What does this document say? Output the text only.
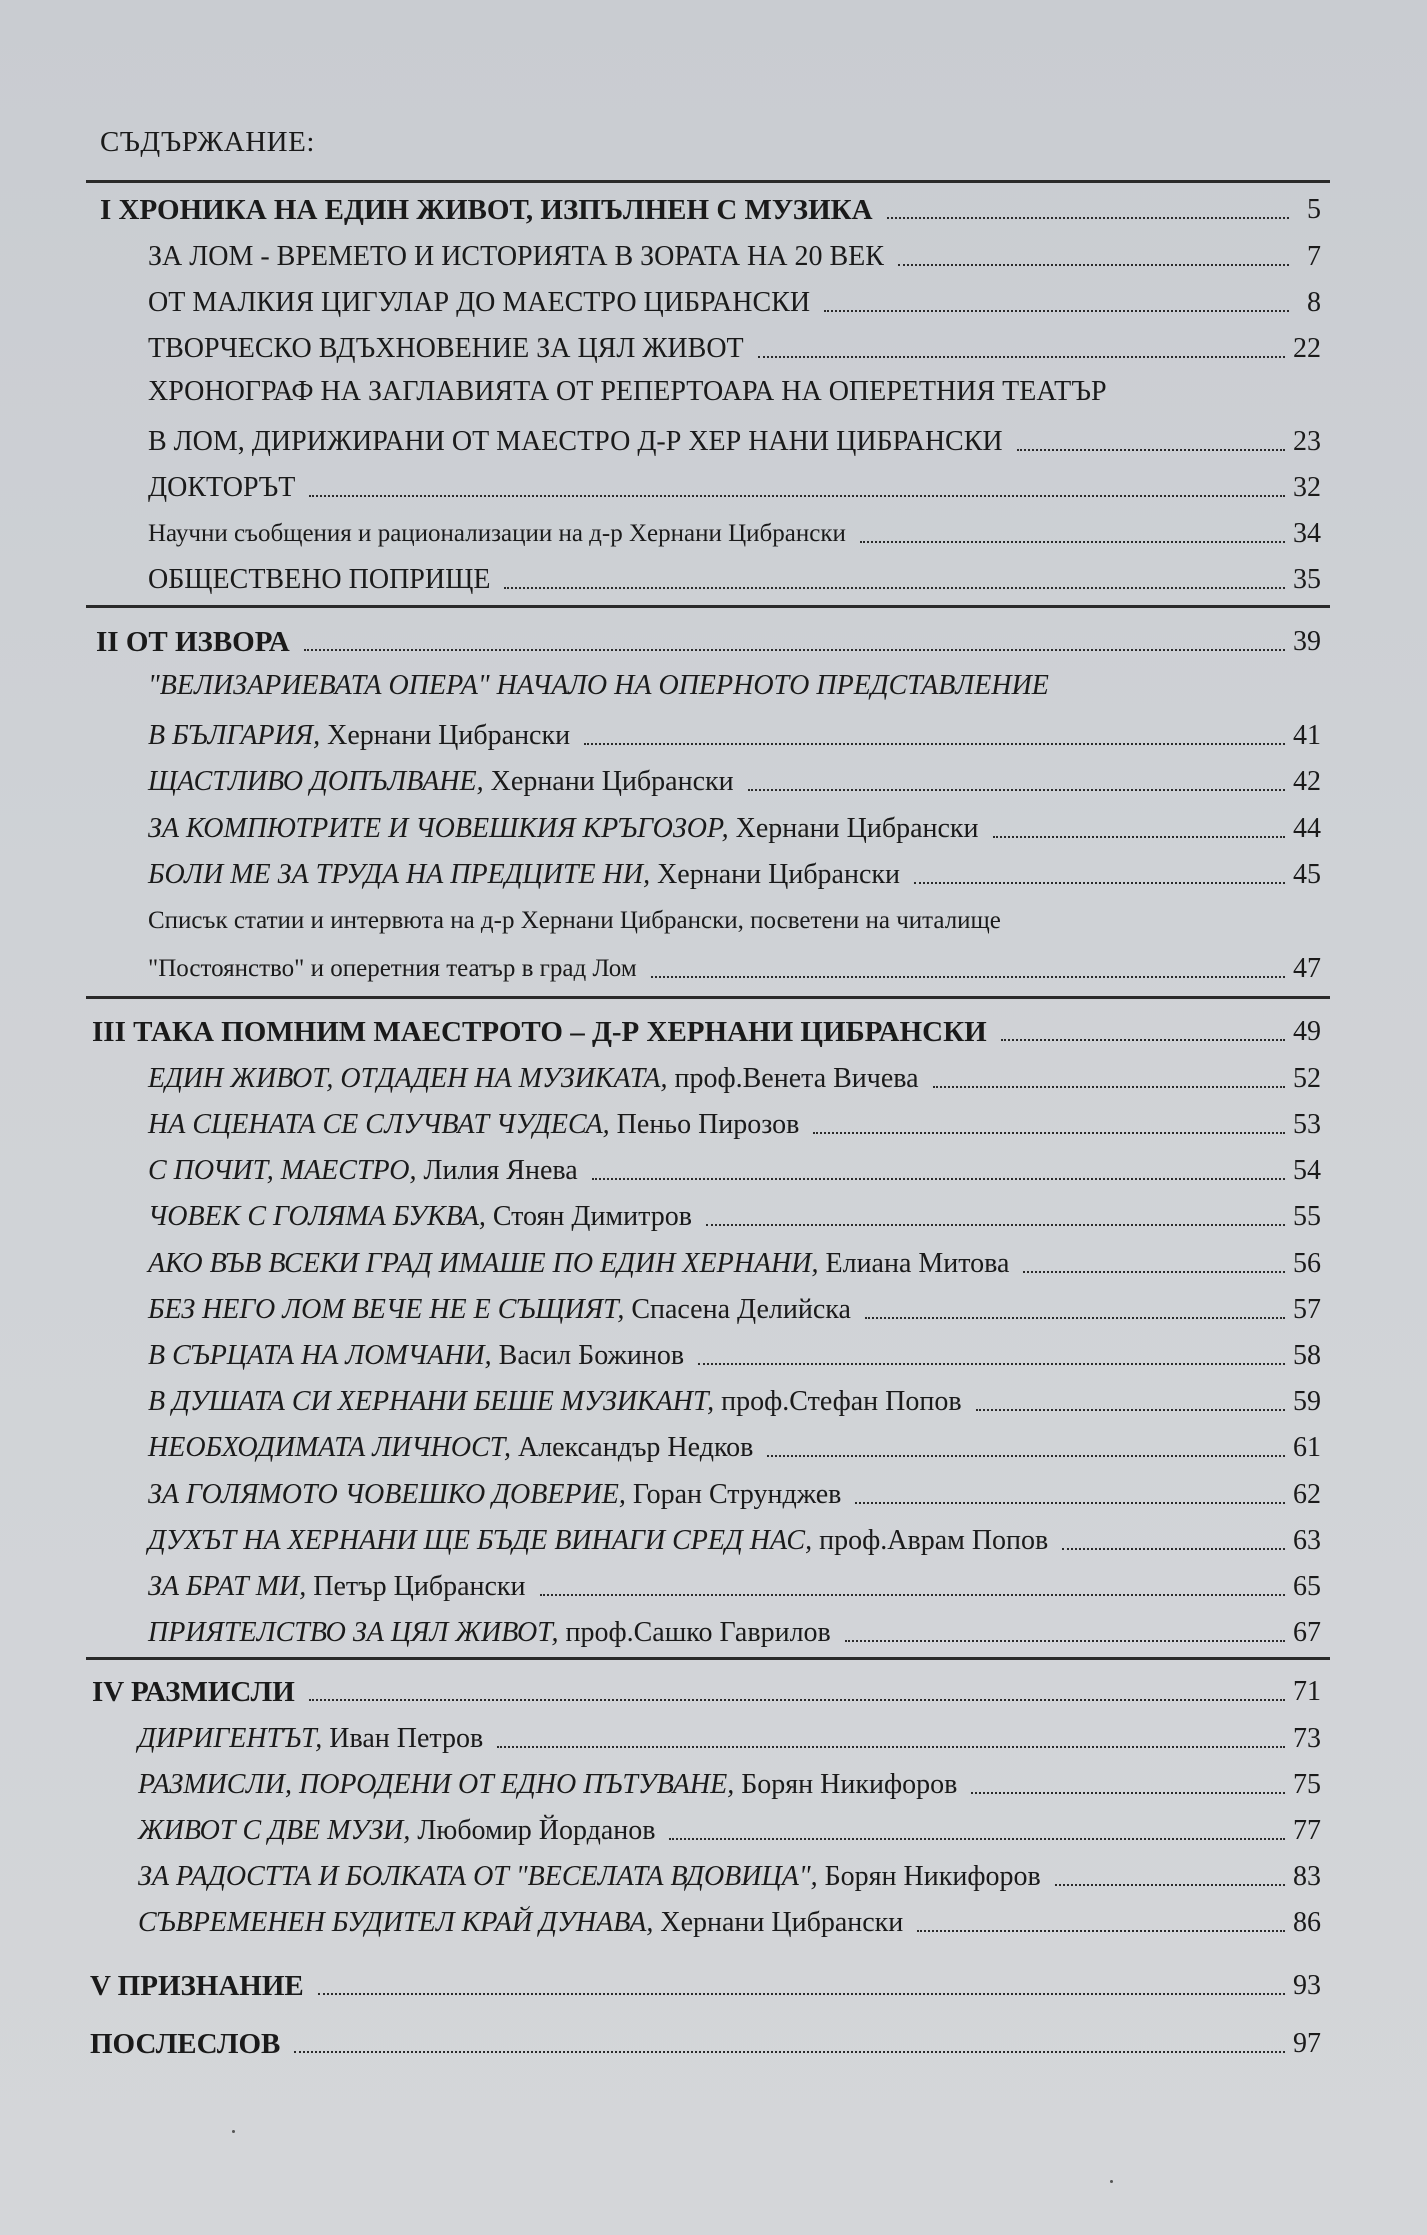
СЪДЪРЖАНИЕ:
I ХРОНИКА НА ЕДИН ЖИВОТ, ИЗПЪЛНЕН С МУЗИКА	5
ЗА ЛОМ - ВРЕМЕТО И ИСТОРИЯТА В ЗОРАТА НА 20 ВЕК	7
ОТ МАЛКИЯ ЦИГУЛАР ДО МАЕСТРО ЦИБРАНСКИ	8
ТВОРЧЕСКО ВДЪХНОВЕНИЕ ЗА ЦЯЛ ЖИВОТ	22
ХРОНОГРАФ НА ЗАГЛАВИЯТА ОТ РЕПЕРТОАРА НА ОПЕРЕТНИЯ ТЕАТЪР
В ЛОМ, ДИРИЖИРАНИ ОТ МАЕСТРО Д-Р ХЕР НАНИ ЦИБРАНСКИ	23
ДОКТОРЪТ	32
Научни съобщения и рационализации на д-р Хернани Цибрански	34
ОБЩЕСТВЕНО ПОПРИЩЕ	35
II ОТ ИЗВОРА	39
"ВЕЛИЗАРИЕВАТА ОПЕРА" НАЧАЛО НА ОПЕРНОТО ПРЕДСТАВЛЕНИЕ
В БЪЛГАРИЯ, Хернани Цибрански	41
ЩАСТЛИВО ДОПЪЛВАНЕ, Хернани Цибрански	42
ЗА КОМПЮТРИТЕ И ЧОВЕШКИЯ КРЪГОЗОР, Хернани Цибрански	44
БОЛИ МЕ ЗА ТРУДА НА ПРЕДЦИТЕ НИ, Хернани Цибрански	45
Списък статии и интервюта на д-р Хернани Цибрански, посветени на читалище
"Постоянство" и оперетния театър в град Лом	47
III ТАКА ПОМНИМ МАЕСТРОТО – Д-Р ХЕРНАНИ ЦИБРАНСКИ	49
ЕДИН ЖИВОТ, ОТДАДЕН НА МУЗИКАТА, проф.Венета Вичева	52
НА СЦЕНАТА СЕ СЛУЧВАТ ЧУДЕСА, Пеньо Пирозов	53
С ПОЧИТ, МАЕСТРО, Лилия Янева	54
ЧОВЕК С ГОЛЯМА БУКВА, Стоян Димитров	55
АКО ВЪВ ВСЕКИ ГРАД ИМАШЕ ПО ЕДИН ХЕРНАНИ, Елиана Митова	56
БЕЗ НЕГО ЛОМ ВЕЧЕ НЕ Е СЪЩИЯТ, Спасена Делийска	57
В СЪРЦАТА НА ЛОМЧАНИ, Васил Божинов	58
В ДУШАТА СИ ХЕРНАНИ БЕШЕ МУЗИКАНТ, проф.Стефан Попов	59
НЕОБХОДИМАТА ЛИЧНОСТ, Александър Недков	61
ЗА ГОЛЯМОТО ЧОВЕШКО ДОВЕРИЕ, Горан Струнджев	62
ДУХЪТ НА ХЕРНАНИ ЩЕ БЪДЕ ВИНАГИ СРЕД НАС, проф.Аврам Попов	63
ЗА БРАТ МИ, Петър Цибрански	65
ПРИЯТЕЛСТВО ЗА ЦЯЛ ЖИВОТ, проф.Сашко Гаврилов	67
IV РАЗМИСЛИ	71
ДИРИГЕНТЪТ, Иван Петров	73
РАЗМИСЛИ, ПОРОДЕНИ ОТ ЕДНО ПЪТУВАНЕ, Борян Никифоров	75
ЖИВОТ С ДВЕ МУЗИ, Любомир Йорданов	77
ЗА РАДОСТТА И БОЛКАТА ОТ "ВЕСЕЛАТА ВДОВИЦА", Борян Никифоров	83
СЪВРЕМЕНЕН БУДИТЕЛ КРАЙ ДУНАВА, Хернани Цибрански	86
V ПРИЗНАНИЕ	93
ПОСЛЕСЛОВ	97
